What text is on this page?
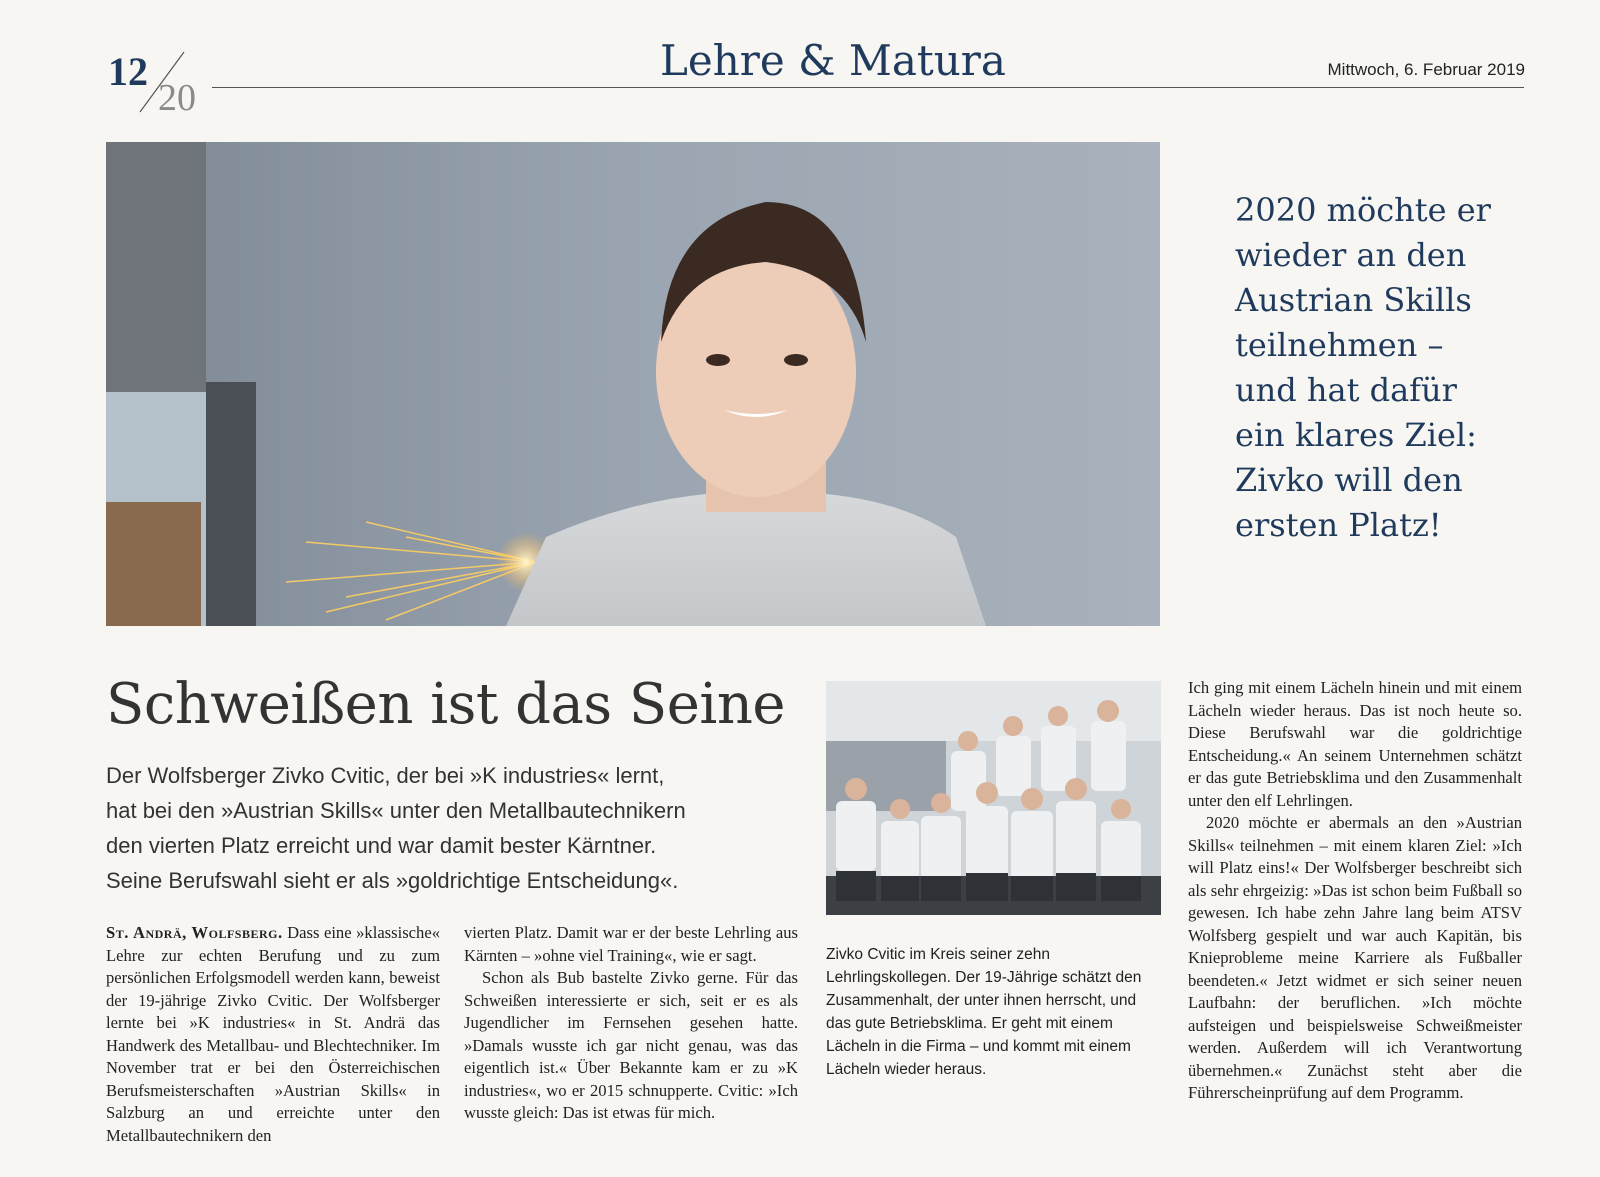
12
20
Lehre & Matura	Mittwoch, 6. Februar 2019
2020 möchte er
wieder an den
Austrian Skills
teilnehmen –
und hat dafür
ein klares Ziel:
Zivko will den
ersten Platz!
Schweißen ist das Seine

Der Wolfsberger Zivko Cvitic, der bei »K industries« lernt,

hat bei den »Austrian Skills« unter den Metallbautechnikern

den vierten Platz erreicht und war damit bester Kärntner.

Seine Berufswahl sieht er als »goldrichtige Entscheidung«.

St. Andrä, Wolfsberg. Dass eine »klassische« Lehre zur echten Berufung und zu zum persönlichen Erfolgsmodell werden kann, beweist der 19-jährige Zivko Cvitic. Der Wolfsberger lernte bei »K industries« in St. Andrä das Handwerk des Metallbau- und Blechtechniker. Im November trat er bei den Österreichischen Berufsmeisterschaften »Austrian Skills« in Salzburg an und erreichte unter den Metallbautechnikern den

vierten Platz. Damit war er der beste Lehrling aus Kärnten – »ohne viel Training«, wie er sagt.

Schon als Bub bastelte Zivko gerne. Für das Schweißen interessierte er sich, seit er es als Jugendlicher im Fernsehen gesehen hatte. »Damals wusste ich gar nicht genau, was das eigentlich ist.« Über Bekannte kam er zu »K industries«, wo er 2015 schnupperte. Cvitic: »Ich wusste gleich: Das ist etwas für mich.

Zivko Cvitic im Kreis seiner zehn Lehrlingskollegen. Der 19-Jährige schätzt den Zusammenhalt, der unter ihnen herrscht, und das gute Betriebsklima. Er geht mit einem Lächeln in die Firma – und kommt mit einem Lächeln wieder heraus.

Ich ging mit einem Lächeln hinein und mit einem Lächeln wieder heraus. Das ist noch heute so. Diese Berufswahl war die goldrichtige Entscheidung.« An seinem Unternehmen schätzt er das gute Betriebsklima und den Zusammenhalt unter den elf Lehrlingen.

2020 möchte er abermals an den »Austrian Skills« teilnehmen – mit einem klaren Ziel: »Ich will Platz eins!« Der Wolfsberger beschreibt sich als sehr ehrgeizig: »Das ist schon beim Fußball so gewesen. Ich habe zehn Jahre lang beim ATSV Wolfsberg gespielt und war auch Kapitän, bis Knieprobleme meine Karriere als Fußballer beendeten.« Jetzt widmet er sich seiner neuen Laufbahn: der beruflichen. »Ich möchte aufsteigen und beispielsweise Schweißmeister werden. Außerdem will ich Verantwortung übernehmen.« Zunächst steht aber die Führerscheinprüfung auf dem Programm.
